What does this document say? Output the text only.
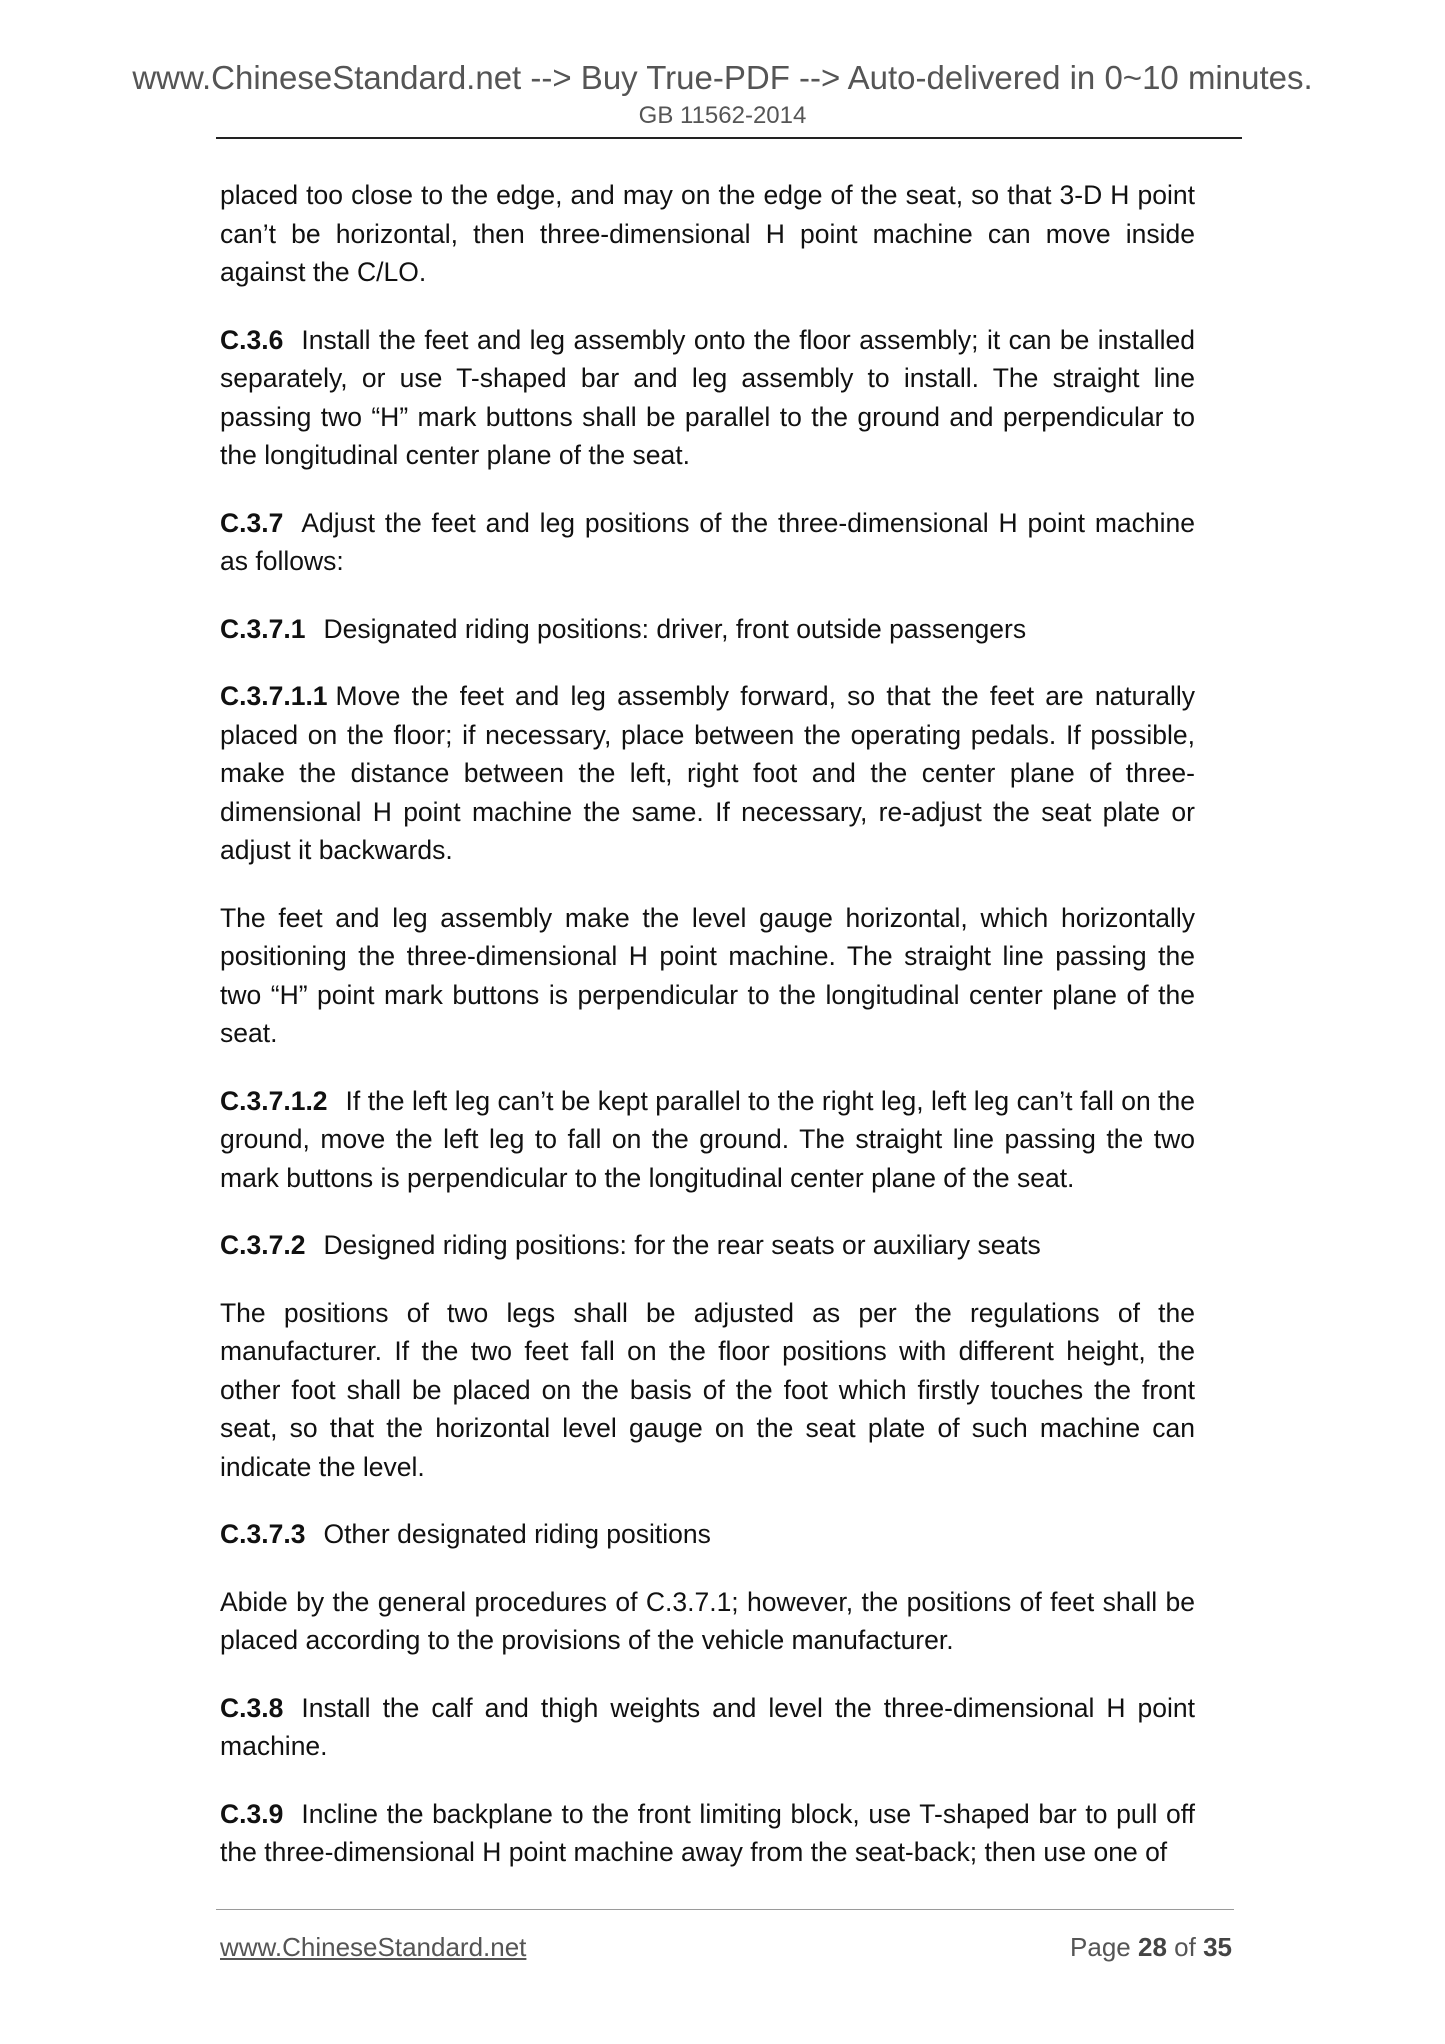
www.ChineseStandard.net --> Buy True-PDF --> Auto-delivered in 0~10 minutes.
GB 11562-2014

placed too close to the edge, and may on the edge of the seat, so that 3-D H point can’t be horizontal, then three-dimensional H point machine can move inside against the C/LO.

C.3.6 Install the feet and leg assembly onto the floor assembly; it can be installed separately, or use T-shaped bar and leg assembly to install. The straight line passing two “H” mark buttons shall be parallel to the ground and perpendicular to the longitudinal center plane of the seat.

C.3.7 Adjust the feet and leg positions of the three-dimensional H point machine as follows:

C.3.7.1 Designated riding positions: driver, front outside passengers

C.3.7.1.1 Move the feet and leg assembly forward, so that the feet are naturally placed on the floor; if necessary, place between the operating pedals. If possible, make the distance between the left, right foot and the center plane of three-dimensional H point machine the same. If necessary, re-adjust the seat plate or adjust it backwards.

The feet and leg assembly make the level gauge horizontal, which horizontally positioning the three-dimensional H point machine. The straight line passing the two “H” point mark buttons is perpendicular to the longitudinal center plane of the seat.

C.3.7.1.2 If the left leg can’t be kept parallel to the right leg, left leg can’t fall on the ground, move the left leg to fall on the ground. The straight line passing the two mark buttons is perpendicular to the longitudinal center plane of the seat.

C.3.7.2 Designed riding positions: for the rear seats or auxiliary seats

The positions of two legs shall be adjusted as per the regulations of the manufacturer. If the two feet fall on the floor positions with different height, the other foot shall be placed on the basis of the foot which firstly touches the front seat, so that the horizontal level gauge on the seat plate of such machine can indicate the level.

C.3.7.3 Other designated riding positions

Abide by the general procedures of C.3.7.1; however, the positions of feet shall be placed according to the provisions of the vehicle manufacturer.

C.3.8 Install the calf and thigh weights and level the three-dimensional H point machine.

C.3.9 Incline the backplane to the front limiting block, use T-shaped bar to pull off the three-dimensional H point machine away from the seat-back; then use one of

www.ChineseStandard.net	Page 28 of 35
